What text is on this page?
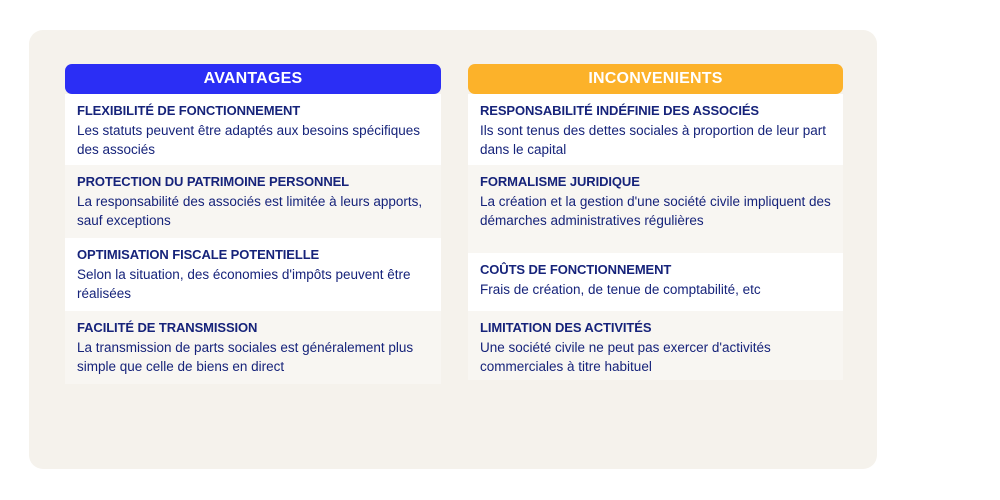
AVANTAGES
FLEXIBILITÉ DE FONCTIONNEMENT
Les statuts peuvent être adaptés aux besoins spécifiques des associés
PROTECTION DU PATRIMOINE PERSONNEL
La responsabilité des associés est limitée à leurs apports, sauf exceptions
OPTIMISATION FISCALE POTENTIELLE
Selon la situation, des économies d'impôts peuvent être réalisées
FACILITÉ DE TRANSMISSION
La transmission de parts sociales est généralement plus simple que celle de biens en direct
INCONVENIENTS
RESPONSABILITÉ INDÉFINIE DES ASSOCIÉS
Ils sont tenus des dettes sociales à proportion de leur part dans le capital
FORMALISME JURIDIQUE
La création et la gestion d'une société civile impliquent des démarches administratives régulières
COÛTS DE FONCTIONNEMENT
Frais de création, de tenue de comptabilité, etc
LIMITATION DES ACTIVITÉS
Une société civile ne peut pas exercer d'activités commerciales à titre habituel
